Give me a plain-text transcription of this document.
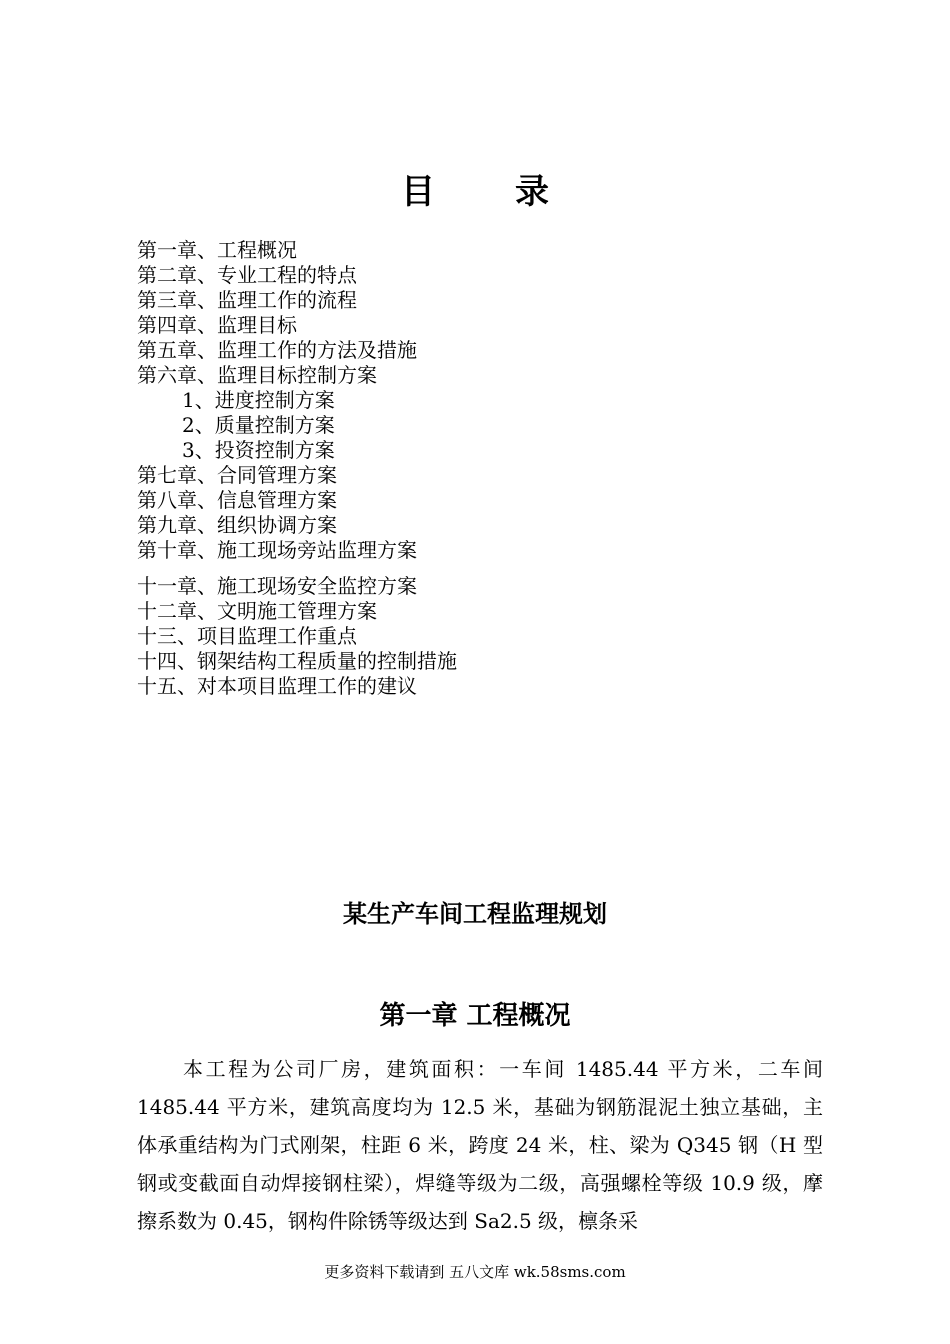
目 录
第一章、工程概况
第二章、专业工程的特点
第三章、监理工作的流程
第四章、监理目标
第五章、监理工作的方法及措施
第六章、监理目标控制方案
1、进度控制方案
2、质量控制方案
3、投资控制方案
第七章、合同管理方案
第八章、信息管理方案
第九章、组织协调方案
第十章、施工现场旁站监理方案
十一章、施工现场安全监控方案
十二章、文明施工管理方案
十三、项目监理工作重点
十四、钢架结构工程质量的控制措施
十五、对本项目监理工作的建议
某生产车间工程监理规划
第一章 工程概况

本工程为公司厂房，建筑面积：一车间 1485.44 平方米，二车间 1485.44 平方米，建筑高度均为 12.5 米，基础为钢筋混泥土独立基础，主体承重结构为门式刚架，柱距 6 米，跨度 24 米，柱、梁为 Q345 钢（H 型钢或变截面自动焊接钢柱梁），焊缝等级为二级，高强螺栓等级 10.9 级，摩擦系数为 0.45，钢构件除锈等级达到 Sa2.5 级，檩条采

更多资料下载请到 五八文库 wk.58sms.com
